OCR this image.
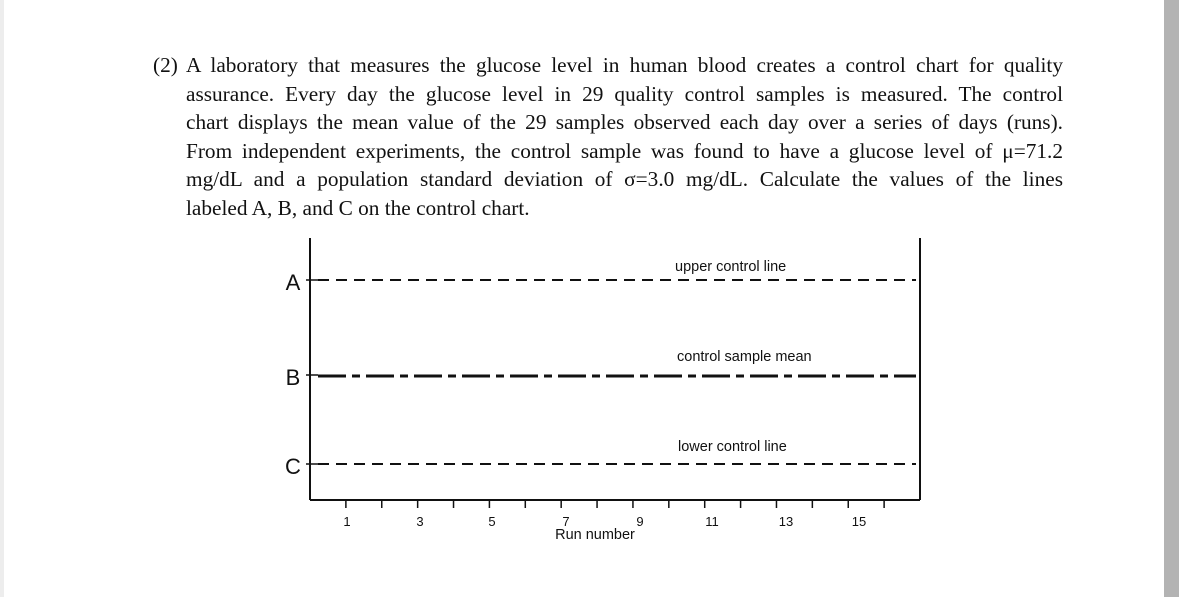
(2) A laboratory that measures the glucose level in human blood creates a control chart for quality
assurance. Every day the glucose level in 29 quality control samples is measured. The control
chart displays the mean value of the 29 samples observed each day over a series of days (runs).
From independent experiments, the control sample was found to have a glucose level of μ=71.2
mg/dL and a population standard deviation of σ=3.0 mg/dL. Calculate the values of the lines
labeled A, B, and C on the control chart.
A
B
C
upper control line
control sample mean
lower control line
1	3	5	7	9	11	13	15
Run number
